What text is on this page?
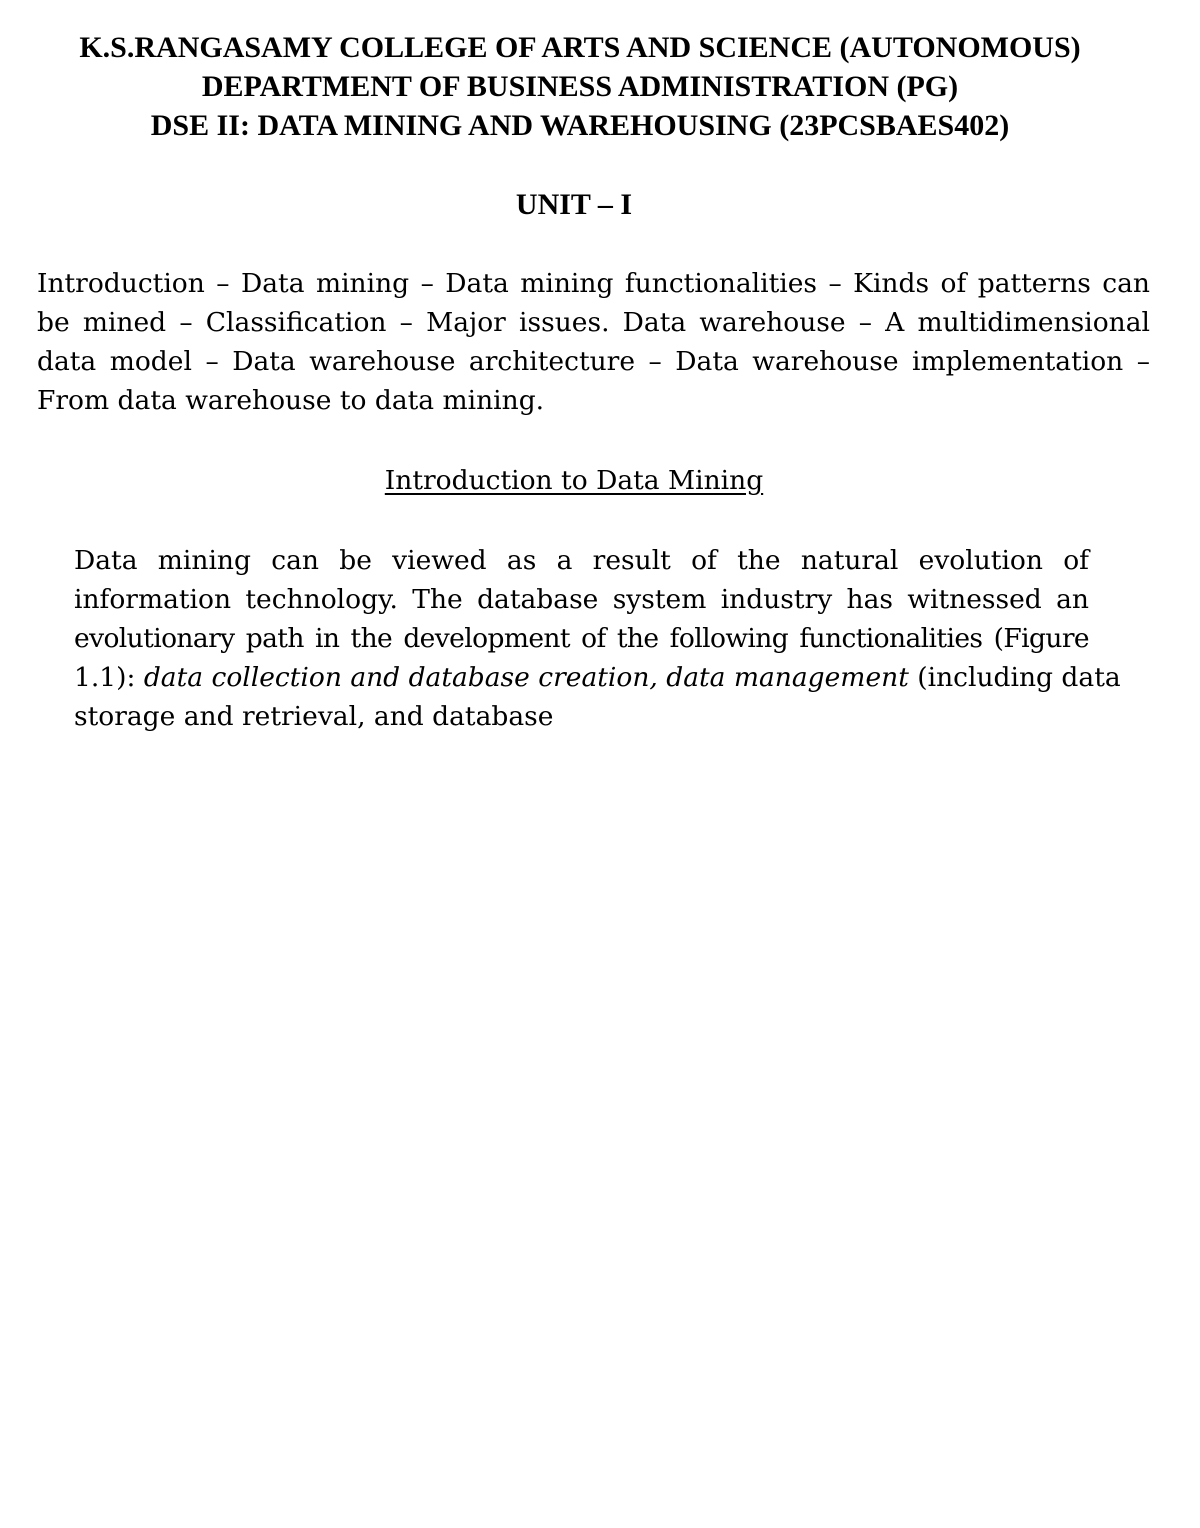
K.S.RANGASAMY COLLEGE OF ARTS AND SCIENCE (AUTONOMOUS)
DEPARTMENT OF BUSINESS ADMINISTRATION (PG)
DSE II: DATA MINING AND WAREHOUSING (23PCSBAES402)
UNIT – I
Introduction – Data mining – Data mining functionalities – Kinds of patterns can
be mined – Classification – Major issues. Data warehouse – A multidimensional
data model – Data warehouse architecture – Data warehouse implementation –
From data warehouse to data mining.
Introduction to Data Mining
Data mining can be viewed as a result of the natural evolution of
information technology. The database system industry has witnessed an
evolutionary path in the development of the following functionalities (Figure
1.1): data collection and database creation, data management (including data
storage and retrieval, and database
